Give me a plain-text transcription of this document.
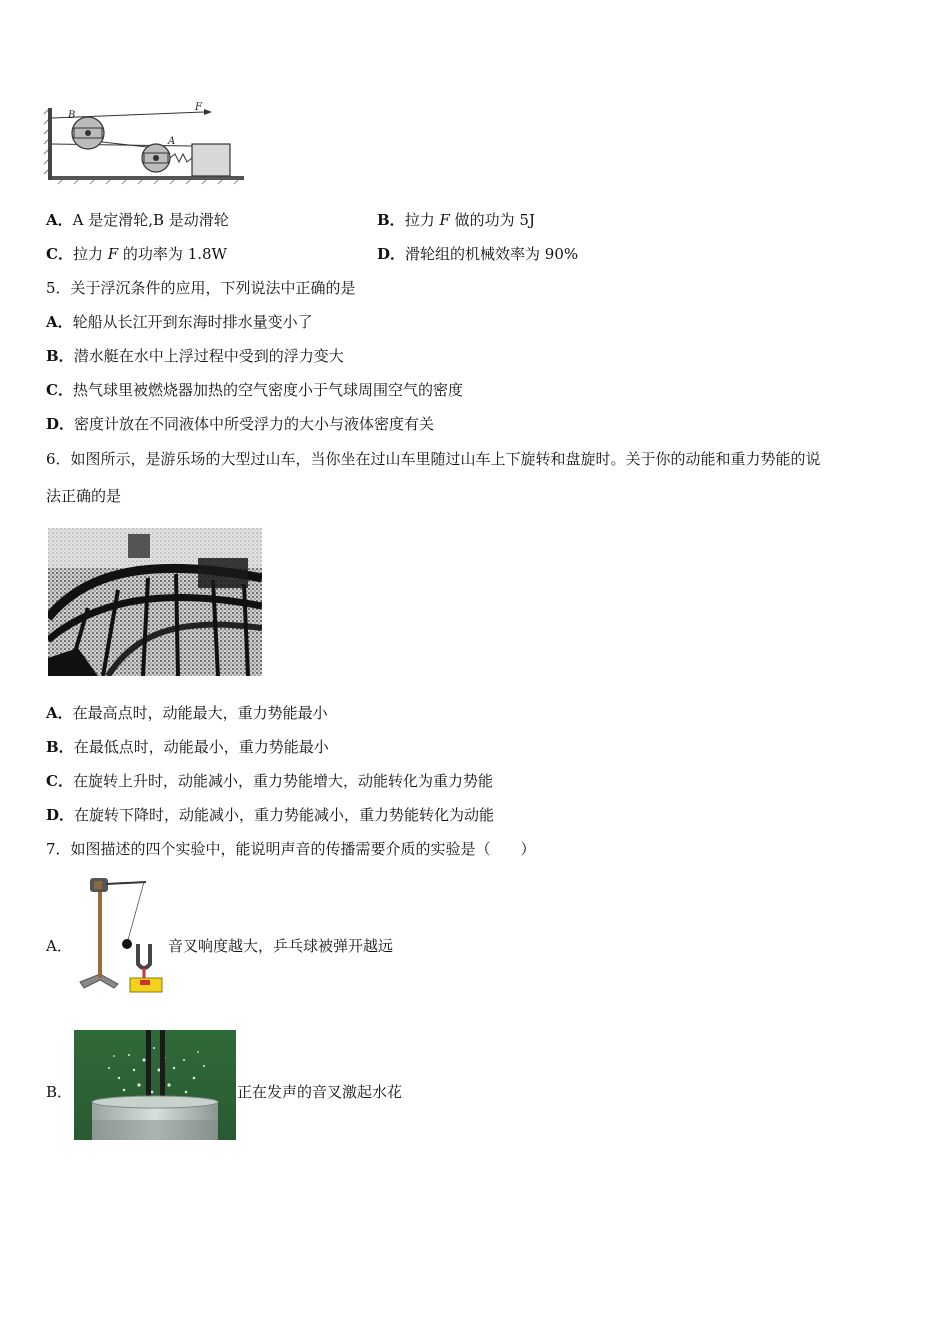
B
A
F
A．A 是定滑轮,B 是动滑轮	B．拉力 F 做的功为 5J
C．拉力 F 的功率为 1.8W	D．滑轮组的机械效率为 90%
5．关于浮沉条件的应用，下列说法中正确的是
A．轮船从长江开到东海时排水量变小了
B．潜水艇在水中上浮过程中受到的浮力变大
C．热气球里被燃烧器加热的空气密度小于气球周围空气的密度
D．密度计放在不同液体中所受浮力的大小与液体密度有关
6．如图所示，是游乐场的大型过山车，当你坐在过山车里随过山车上下旋转和盘旋时。关于你的动能和重力势能的说
法正确的是
A．在最高点时，动能最大，重力势能最小
B．在最低点时，动能最小，重力势能最小
C．在旋转上升时，动能减小，重力势能增大，动能转化为重力势能
D．在旋转下降时，动能减小，重力势能减小，重力势能转化为动能
7．如图描述的四个实验中，能说明声音的传播需要介质的实验是（　　）
A．	音叉响度越大，乒乓球被弹开越远
B．	正在发声的音叉激起水花
